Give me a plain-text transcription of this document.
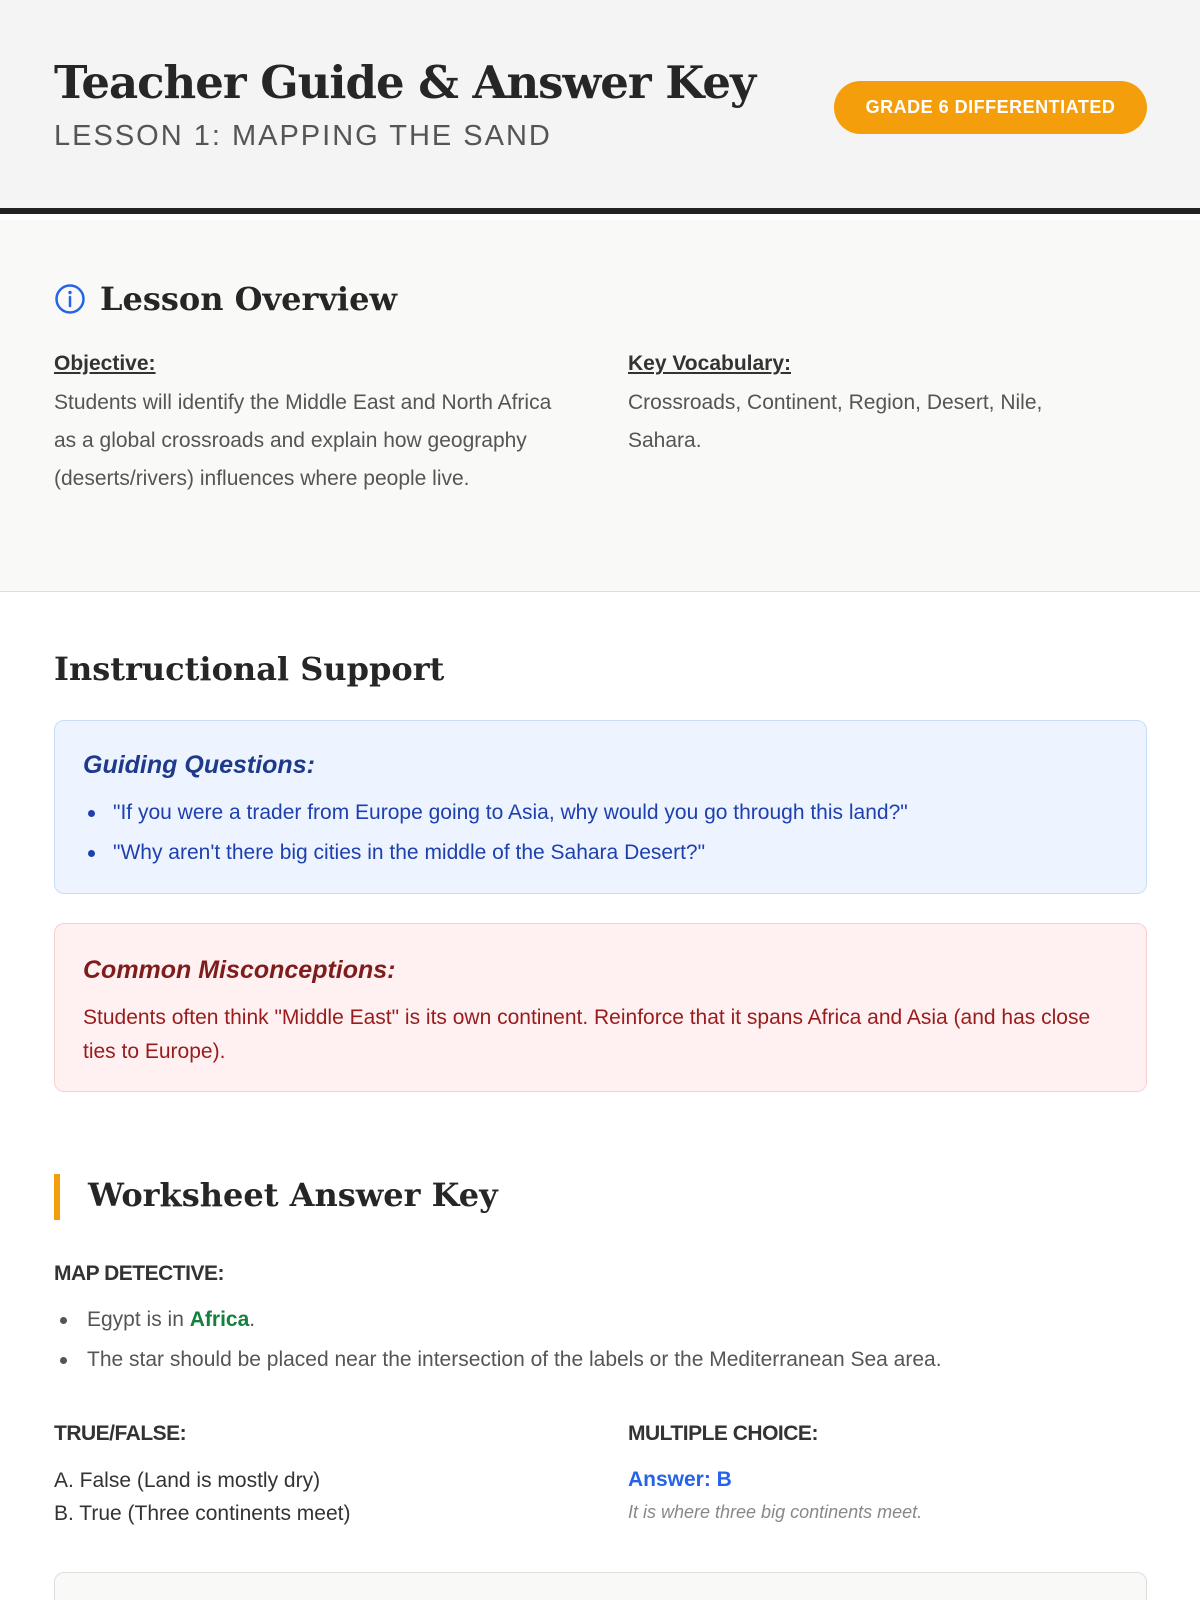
Teacher Guide & Answer Key
LESSON 1: MAPPING THE SAND
GRADE 6 DIFFERENTIATED
Lesson Overview
Objective:
Students will identify the Middle East and North Africa as a global crossroads and explain how geography (deserts/rivers) influences where people live.
Key Vocabulary:
Crossroads, Continent, Region, Desert, Nile, Sahara.
Instructional Support
Guiding Questions:
"If you were a trader from Europe going to Asia, why would you go through this land?"
"Why aren't there big cities in the middle of the Sahara Desert?"
Common Misconceptions:
Students often think "Middle East" is its own continent. Reinforce that it spans Africa and Asia (and has close ties to Europe).
Worksheet Answer Key
MAP DETECTIVE:
Egypt is in
Africa .
The star should be placed near the intersection of the labels or the Mediterranean Sea area.
TRUE/FALSE:
A. False (Land is mostly dry)
B. True (Three continents meet)
MULTIPLE CHOICE:
Answer: B
It is where three big continents meet.
